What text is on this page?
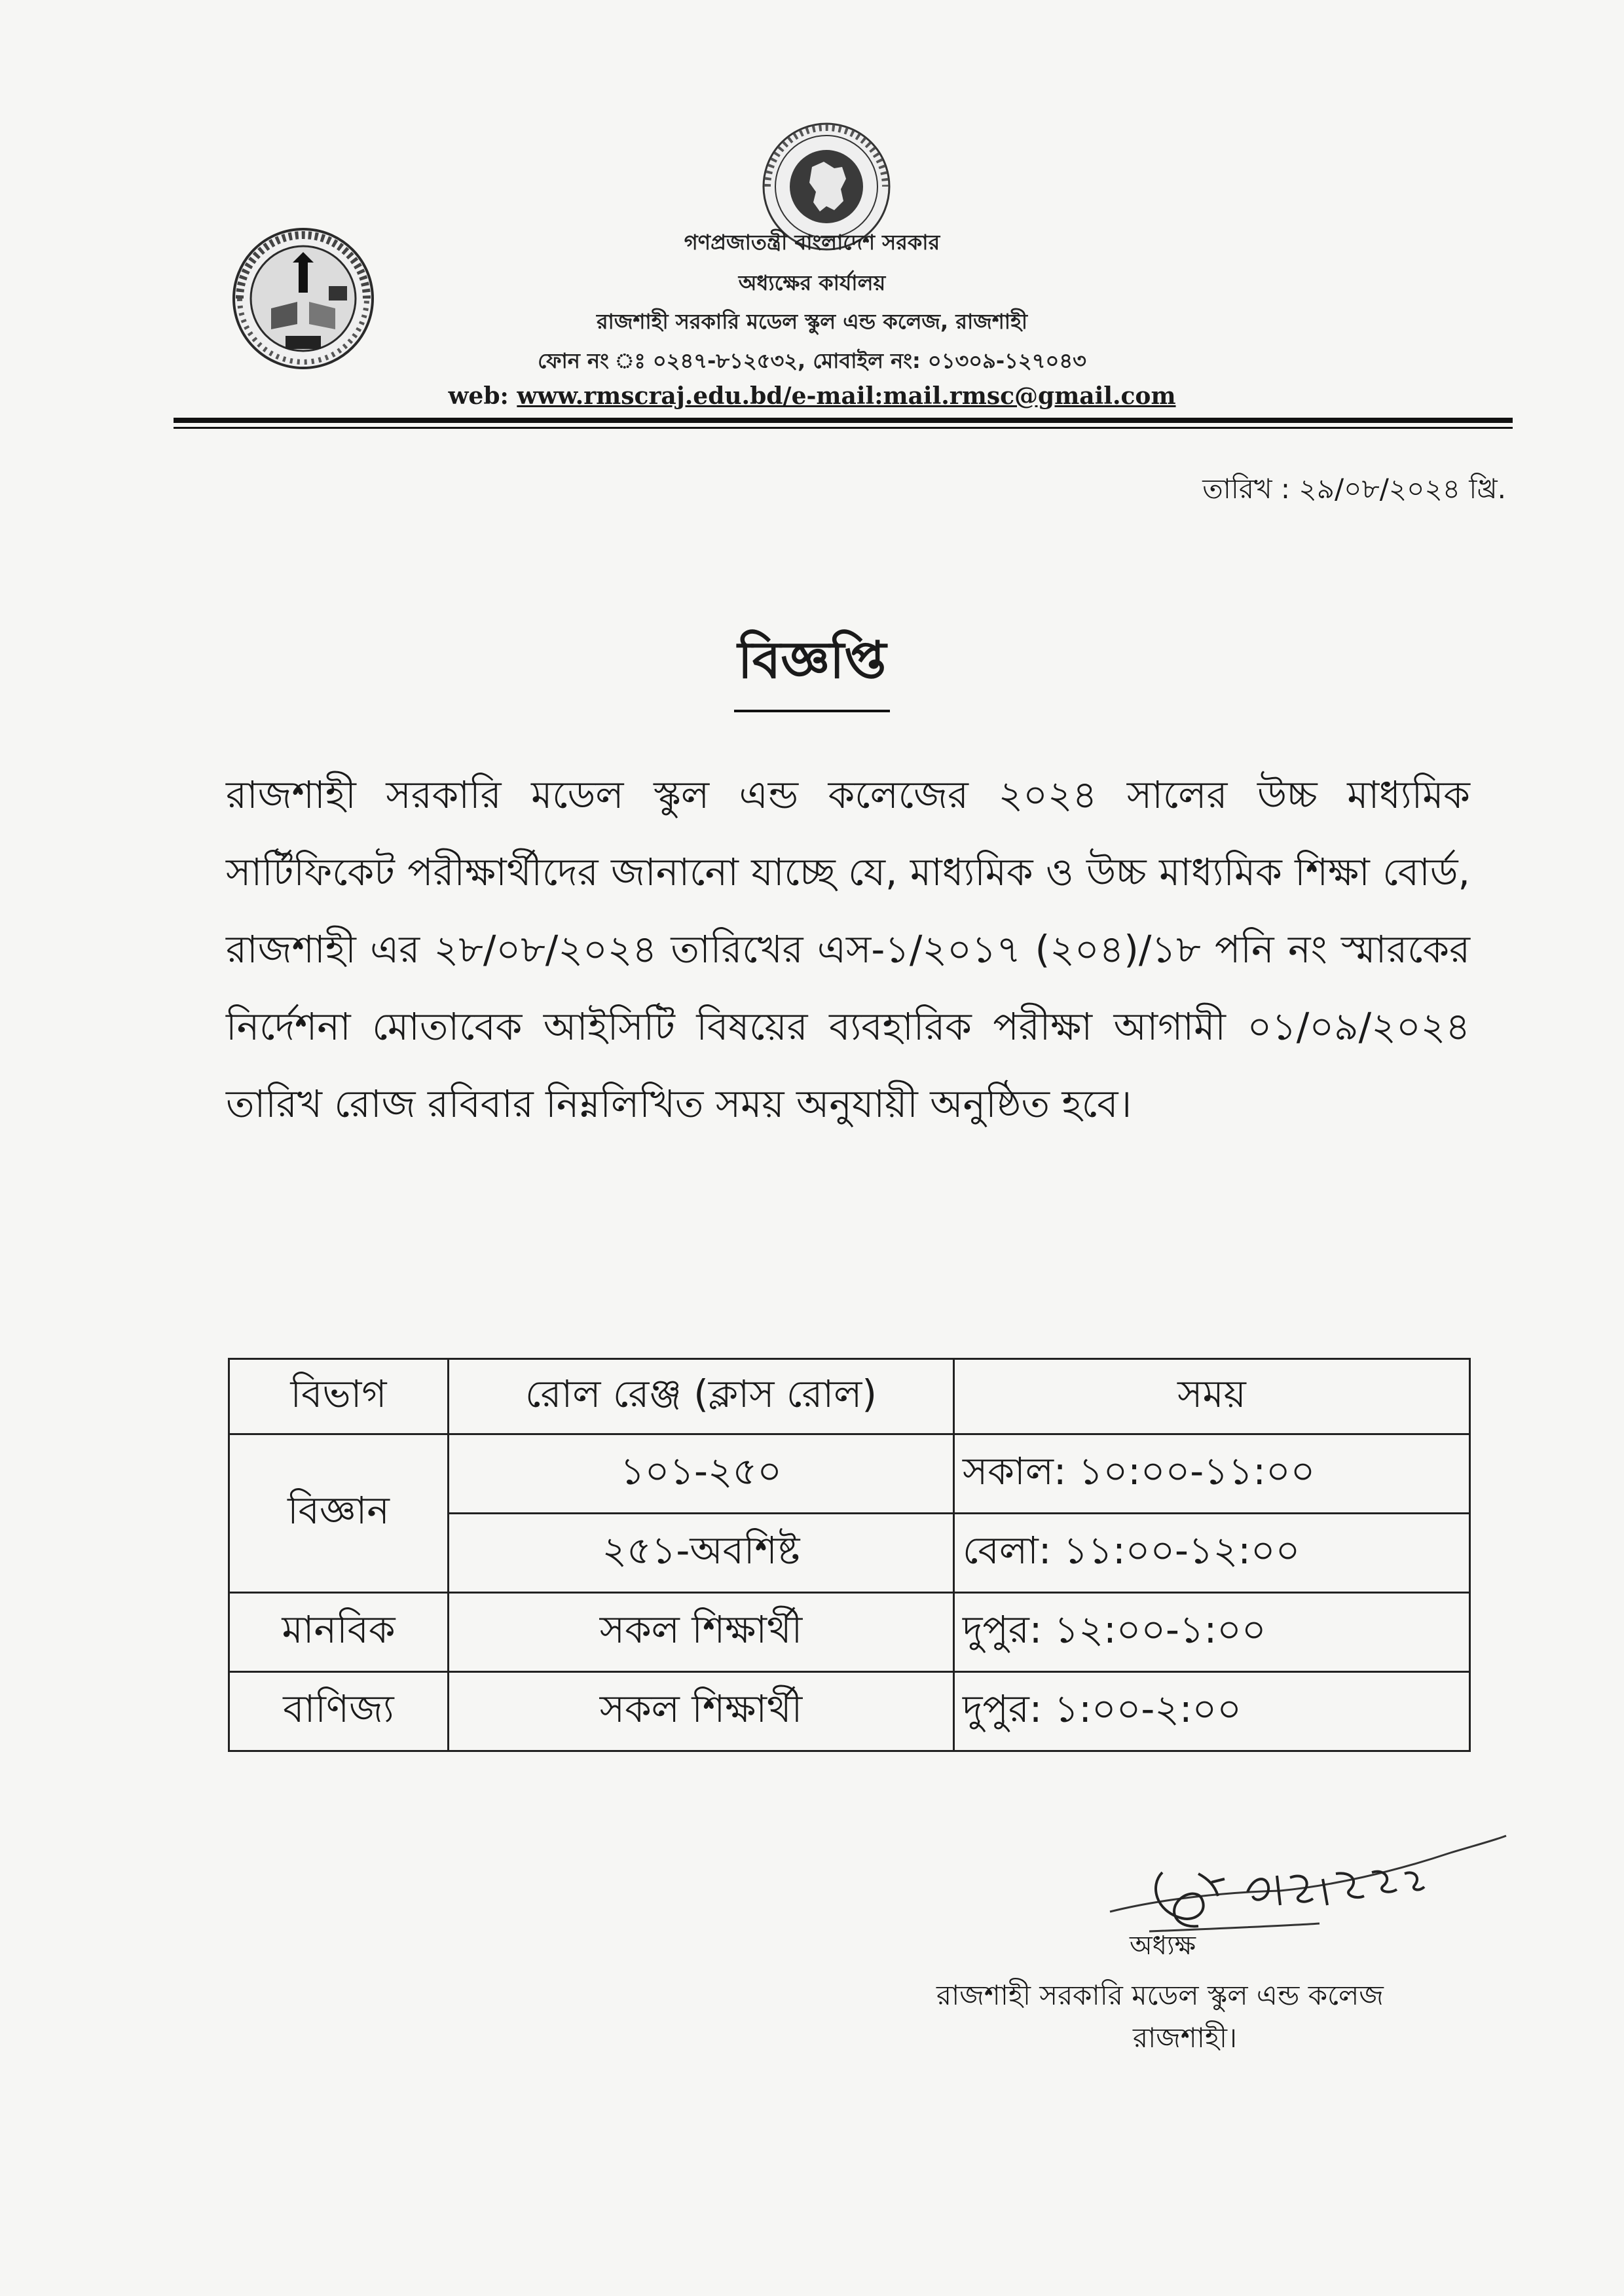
গণপ্রজাতন্ত্রী বাংলাদেশ সরকার
অধ্যক্ষের কার্যালয়
রাজশাহী সরকারি মডেল স্কুল এন্ড কলেজ, রাজশাহী
ফোন নং ঃ ০২৪৭-৮১২৫৩২, মোবাইল নং: ০১৩০৯-১২৭০৪৩
web: www.rmscraj.edu.bd/e-mail:mail.rmsc@gmail.com
তারিখ : ২৯/০৮/২০২৪ খ্রি.
বিজ্ঞপ্তি
রাজশাহী সরকারি মডেল স্কুল এন্ড কলেজের ২০২৪ সালের উচ্চ মাধ্যমিক সার্টিফিকেট পরীক্ষার্থীদের জানানো যাচ্ছে যে, মাধ্যমিক ও উচ্চ মাধ্যমিক শিক্ষা বোর্ড, রাজশাহী এর ২৮/০৮/২০২৪ তারিখের এস-১/২০১৭ (২০৪)/১৮ পনি নং স্মারকের নির্দেশনা মোতাবেক আইসিটি বিষয়ের ব্যবহারিক পরীক্ষা আগামী ০১/০৯/২০২৪ তারিখ রোজ রবিবার নিম্নলিখিত সময় অনুযায়ী অনুষ্ঠিত হবে।
বিভাগ	রোল রেঞ্জ (ক্লাস রোল)	সময়
বিজ্ঞান	১০১-২৫০	সকাল: ১০:০০-১১:০০
	২৫১-অবশিষ্ট	বেলা: ১১:০০-১২:০০
মানবিক	সকল শিক্ষার্থী	দুপুর: ১২:০০-১:০০
বাণিজ্য	সকল শিক্ষার্থী	দুপুর: ১:০০-২:০০
অধ্যক্ষ
রাজশাহী সরকারি মডেল স্কুল এন্ড কলেজ
রাজশাহী।
